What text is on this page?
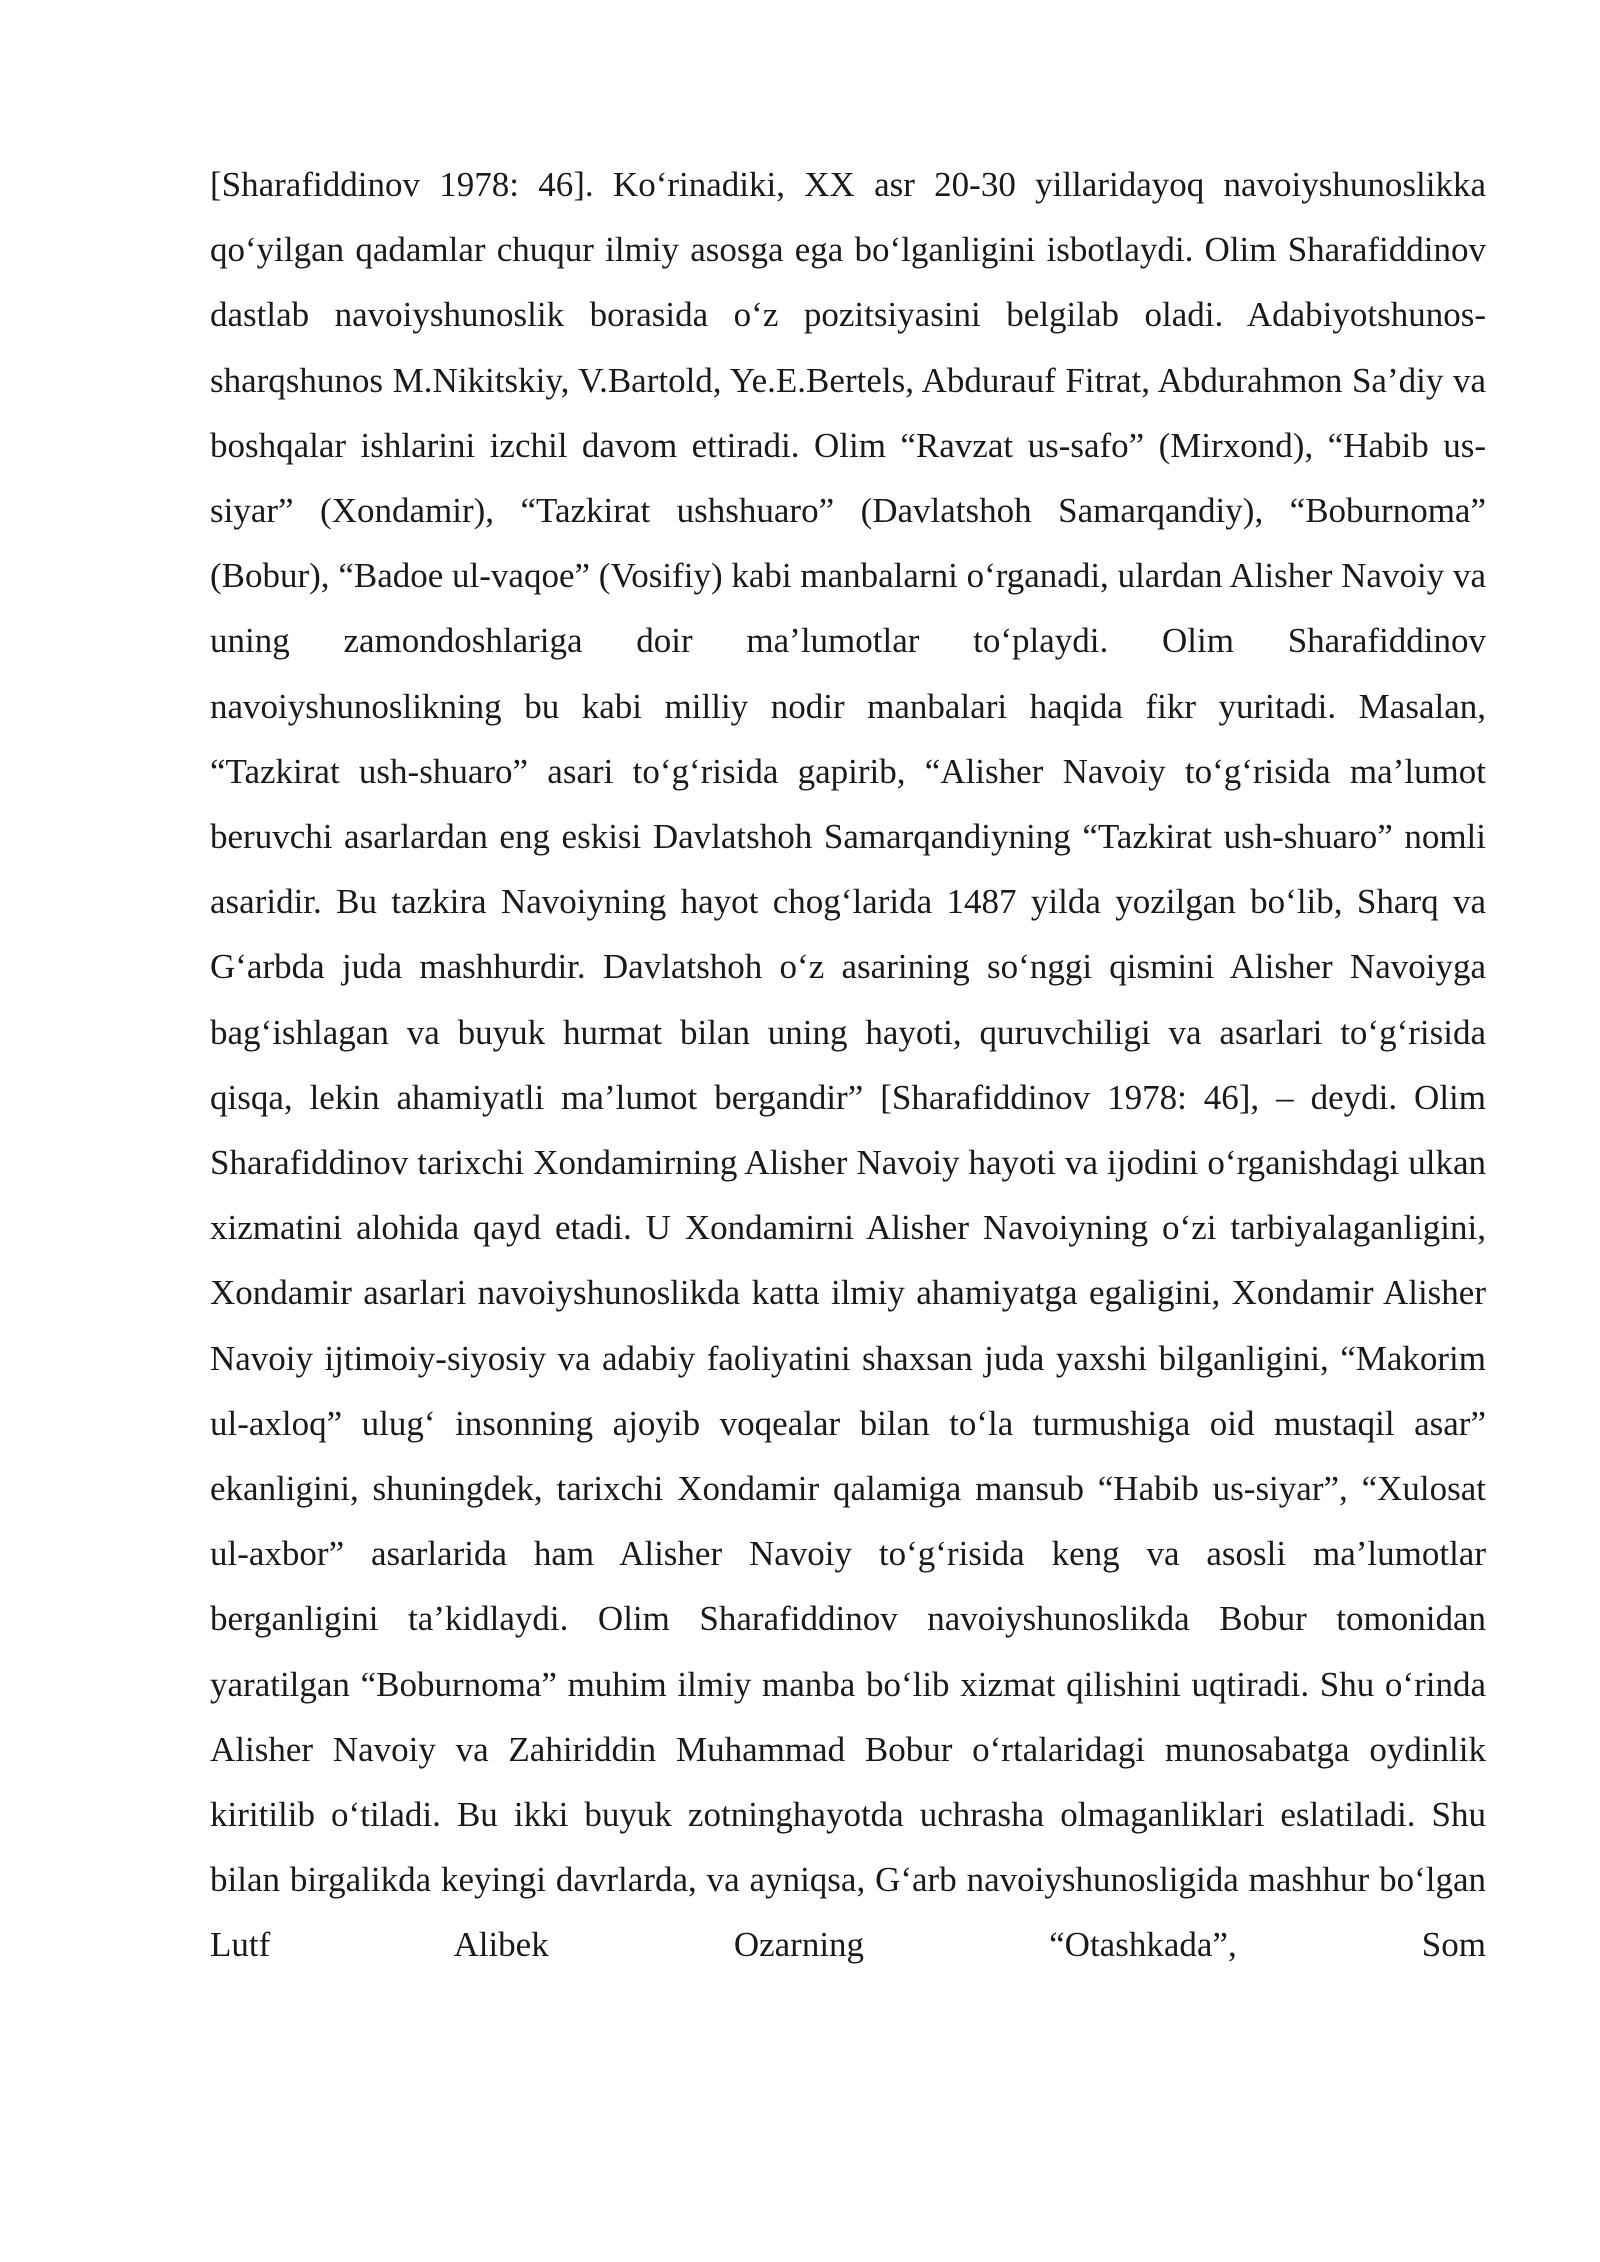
[Sharafiddinov 1978: 46]. Ko‘rinadiki, XX asr 20-30 yillaridayoq navoiyshunoslikka qo‘yilgan qadamlar chuqur ilmiy asosga ega bo‘lganligini isbotlaydi. Olim Sharafiddinov dastlab navoiyshunoslik borasida o‘z pozitsiyasini belgilab oladi. Adabiyotshunos-sharqshunos M.Nikitskiy, V.Bartold, Ye.E.Bertels, Abdurauf Fitrat, Abdurahmon Sa’diy va boshqalar ishlarini izchil davom ettiradi. Olim “Ravzat us-safo” (Mirxond), “Habib us-siyar” (Xondamir), “Tazkirat ushshuaro” (Davlatshoh Samarqandiy), “Boburnoma” (Bobur), “Badoe ul-vaqoe” (Vosifiy) kabi manbalarni o‘rganadi, ulardan Alisher Navoiy va uning zamondoshlariga doir ma’lumotlar to‘playdi. Olim Sharafiddinov navoiyshunoslikning bu kabi milliy nodir manbalari haqida fikr yuritadi. Masalan, “Tazkirat ush-shuaro” asari to‘g‘risida gapirib, “Alisher Navoiy to‘g‘risida ma’lumot beruvchi asarlardan eng eskisi Davlatshoh Samarqandiyning “Tazkirat ush-shuaro” nomli asaridir. Bu tazkira Navoiyning hayot chog‘larida 1487 yilda yozilgan bo‘lib, Sharq va G‘arbda juda mashhurdir. Davlatshoh o‘z asarining so‘nggi qismini Alisher Navoiyga bag‘ishlagan va buyuk hurmat bilan uning hayoti, quruvchiligi va asarlari to‘g‘risida qisqa, lekin ahamiyatli ma’lumot bergandir” [Sharafiddinov 1978: 46], – deydi. Olim Sharafiddinov tarixchi Xondamirning Alisher Navoiy hayoti va ijodini o‘rganishdagi ulkan xizmatini alohida qayd etadi. U Xondamirni Alisher Navoiyning o‘zi tarbiyalaganligini, Xondamir asarlari navoiyshunoslikda katta ilmiy ahamiyatga egaligini, Xondamir Alisher Navoiy ijtimoiy-siyosiy va adabiy faoliyatini shaxsan juda yaxshi bilganligini, “Makorim ul-axloq” ulug‘ insonning ajoyib voqealar bilan to‘la turmushiga oid mustaqil asar” ekanligini, shuningdek, tarixchi Xondamir qalamiga mansub “Habib us-siyar”, “Xulosat ul-axbor” asarlarida ham Alisher Navoiy to‘g‘risida keng va asosli ma’lumotlar berganligini ta’kidlaydi. Olim Sharafiddinov navoiyshunoslikda Bobur tomonidan yaratilgan “Boburnoma” muhim ilmiy manba bo‘lib xizmat qilishini uqtiradi. Shu o‘rinda Alisher Navoiy va Zahiriddin Muhammad Bobur o‘rtalaridagi munosabatga oydinlik kiritilib o‘tiladi. Bu ikki buyuk zotninghayotda uchrasha olmaganliklari eslatiladi. Shu bilan birgalikda keyingi davrlarda, va ayniqsa, G‘arb navoiyshunosligida mashhur bo‘lgan Lutf Alibek Ozarning “Otashkada”, Som
